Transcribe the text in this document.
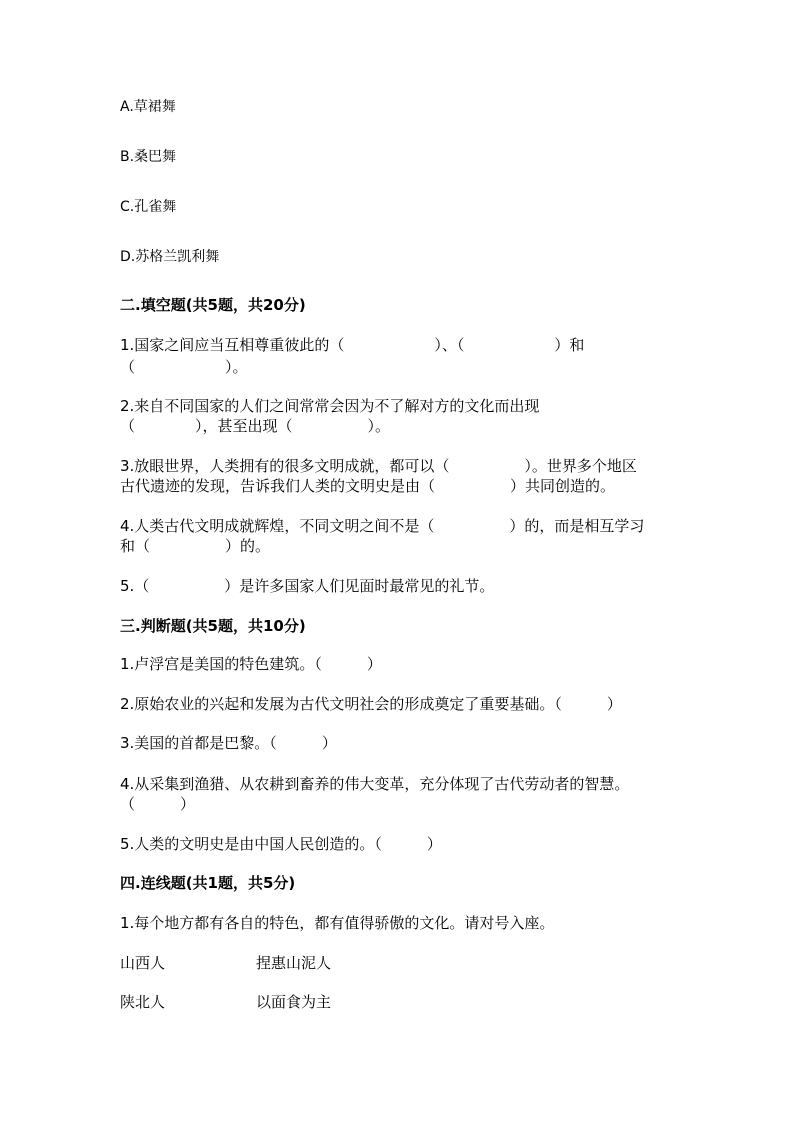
A.草裙舞
B.桑巴舞
C.孔雀舞
D.苏格兰凯利舞
二.填空题(共5题，共20分)
1.国家之间应当互相尊重彼此的（　　　　　　）、（　　　　　　）和
（　　　　　　）。
2.来自不同国家的人们之间常常会因为不了解对方的文化而出现
（　　　　），甚至出现（　　　　　）。
3.放眼世界，人类拥有的很多文明成就，都可以（　　　　　）。世界多个地区
古代遗迹的发现，告诉我们人类的文明史是由（　　　　　）共同创造的。
4.人类古代文明成就辉煌，不同文明之间不是（　　　　　）的，而是相互学习
和（　　　　　）的。
5.（　　　　　）是许多国家人们见面时最常见的礼节。
三.判断题(共5题，共10分)
1.卢浮宫是美国的特色建筑。（　　　）
2.原始农业的兴起和发展为古代文明社会的形成奠定了重要基础。（　　　）
3.美国的首都是巴黎。（　　　）
4.从采集到渔猎、从农耕到畜养的伟大变革，充分体现了古代劳动者的智慧。
（　　　）
5.人类的文明史是由中国人民创造的。（　　　）
四.连线题(共1题，共5分)
1.每个地方都有各自的特色，都有值得骄傲的文化。请对号入座。
山西人	捏惠山泥人
陕北人	以面食为主
